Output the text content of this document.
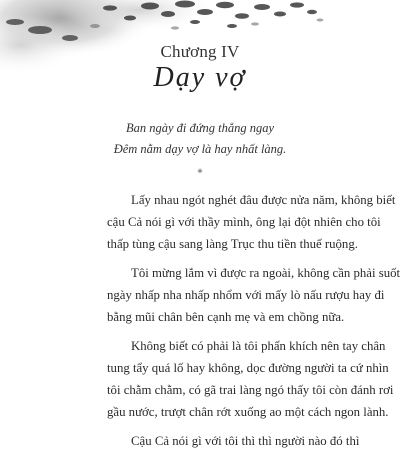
Chương IV
Dạy vợ
Ban ngày đi đứng thẳng ngay
Đêm nằm dạy vợ là hay nhất làng.
*

Lấy nhau ngót nghét đâu được nửa năm, không biết
cậu Cả nói gì với thầy mình, ông lại đột nhiên cho tôi
thấp tùng cậu sang làng Trục thu tiền thuế ruộng.

Tôi mừng lắm vì được ra ngoài, không cần phải suốt
ngày nhấp nha nhấp nhổm với mấy lò nấu rượu hay đi
bằng mũi chân bên cạnh mẹ và em chồng nữa.

Không biết có phải là tôi phấn khích nên tay chân
tung tẩy quá lố hay không, dọc đường người ta cứ nhìn
tôi chằm chằm, có gã trai làng ngó thấy tôi còn đánh rơi
gầu nước, trượt chân rớt xuống ao một cách ngon lành.

Cậu Cả nói gì với tôi thì thì người nào đó thì
